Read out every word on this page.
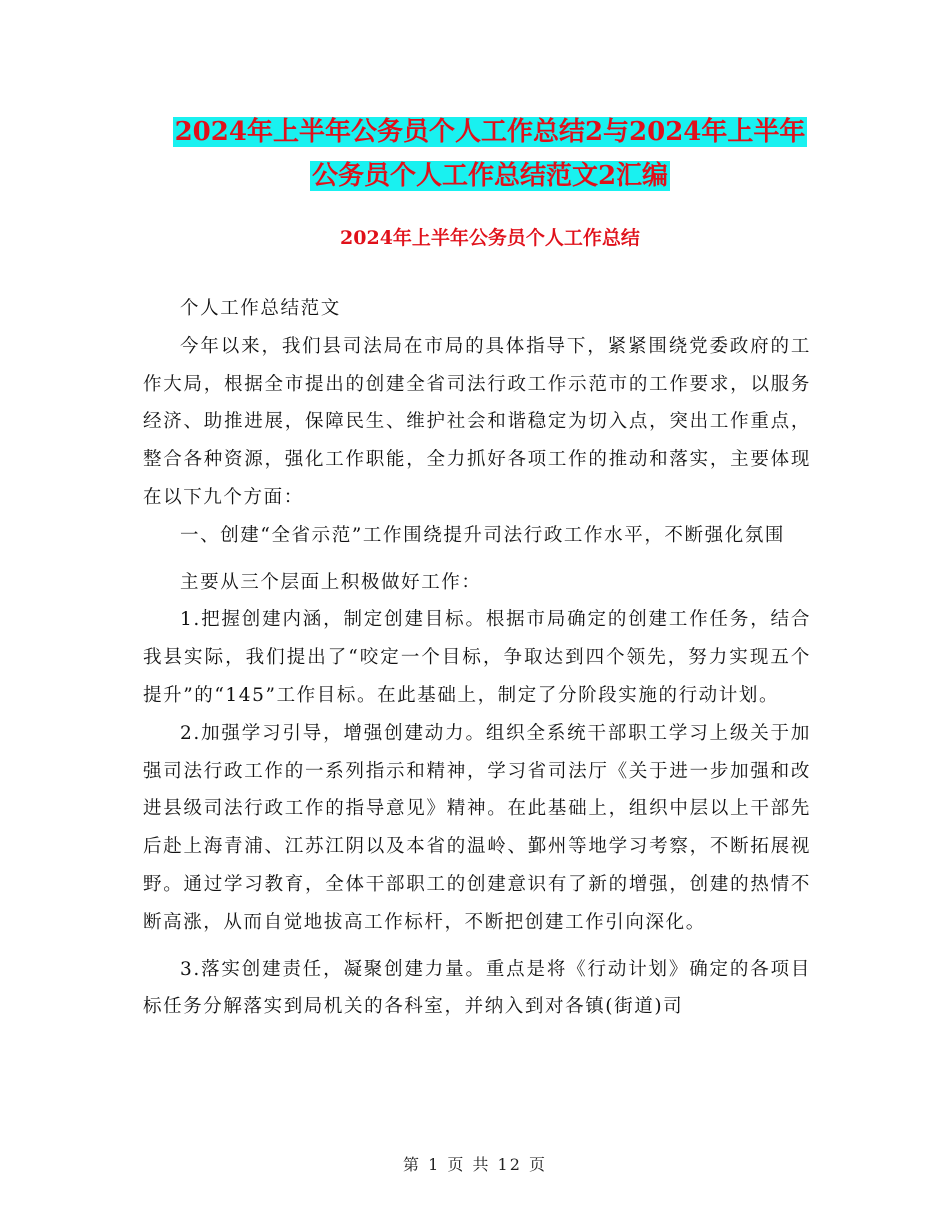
2024年上半年公务员个人工作总结2与2024年上半年
公务员个人工作总结范文2汇编
2024年上半年公务员个人工作总结

个人工作总结范文

今年以来，我们县司法局在市局的具体指导下，紧紧围绕党委政府的工作大局，根据全市提出的创建全省司法行政工作示范市的工作要求，以服务经济、助推进展，保障民生、维护社会和谐稳定为切入点，突出工作重点，整合各种资源，强化工作职能，全力抓好各项工作的推动和落实，主要体现在以下九个方面：

一、创建“全省示范”工作围绕提升司法行政工作水平，不断强化氛围

主要从三个层面上积极做好工作：

1.把握创建内涵，制定创建目标。根据市局确定的创建工作任务，结合我县实际，我们提出了“咬定一个目标，争取达到四个领先，努力实现五个提升”的“145”工作目标。在此基础上，制定了分阶段实施的行动计划。

2.加强学习引导，增强创建动力。组织全系统干部职工学习上级关于加强司法行政工作的一系列指示和精神，学习省司法厅《关于进一步加强和改进县级司法行政工作的指导意见》精神。在此基础上，组织中层以上干部先后赴上海青浦、江苏江阴以及本省的温岭、鄞州等地学习考察，不断拓展视野。通过学习教育，全体干部职工的创建意识有了新的增强，创建的热情不断高涨，从而自觉地拔高工作标杆，不断把创建工作引向深化。

3.落实创建责任，凝聚创建力量。重点是将《行动计划》确定的各项目标任务分解落实到局机关的各科室，并纳入到对各镇(街道)司

第 1 页 共 12 页
